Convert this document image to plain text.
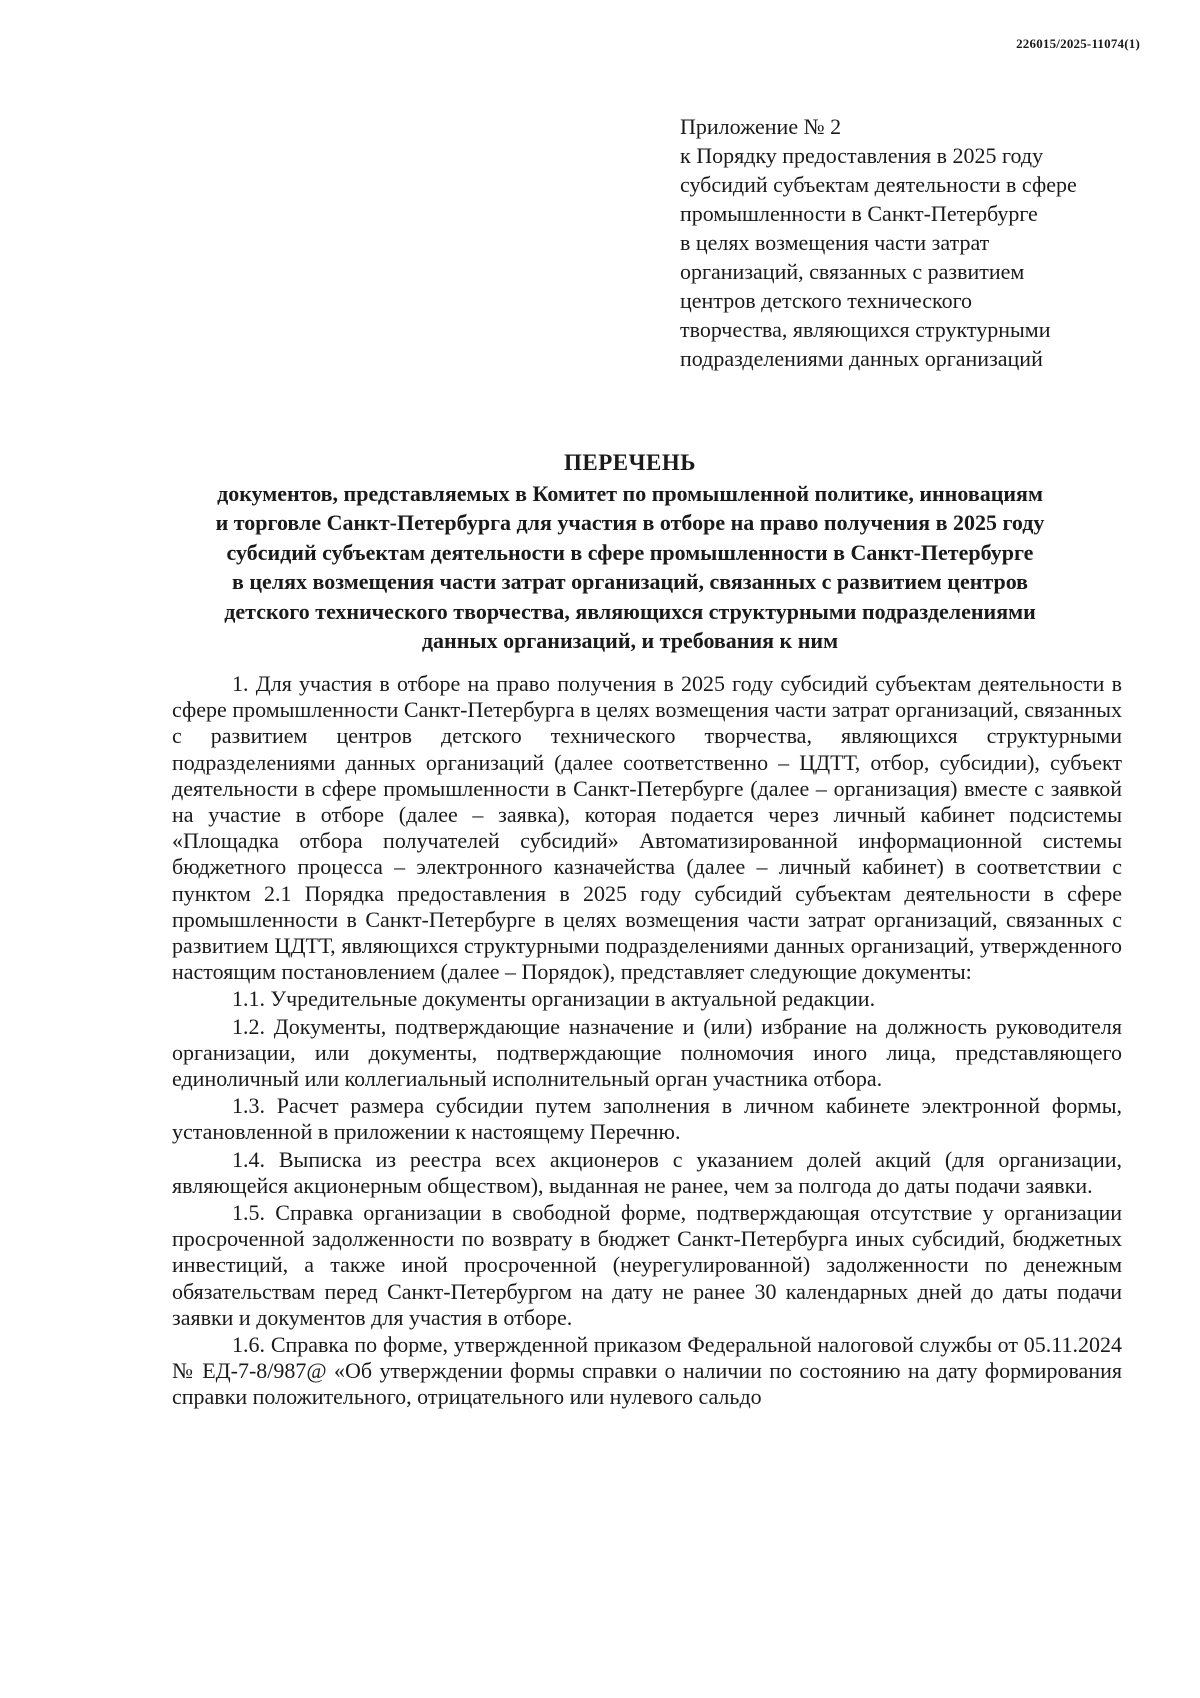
226015/2025-11074(1)
Приложение № 2
к Порядку предоставления в 2025 году
субсидий субъектам деятельности в сфере
промышленности в Санкт-Петербурге
в целях возмещения части затрат
организаций, связанных с развитием
центров детского технического
творчества, являющихся структурными
подразделениями данных организаций
ПЕРЕЧЕНЬ
документов, представляемых в Комитет по промышленной политике, инновациям
и торговле Санкт-Петербурга для участия в отборе на право получения в 2025 году
субсидий субъектам деятельности в сфере промышленности в Санкт-Петербурге
в целях возмещения части затрат организаций, связанных с развитием центров
детского технического творчества, являющихся структурными подразделениями
данных организаций, и требования к ним

1. Для участия в отборе на право получения в 2025 году субсидий субъектам деятельности в сфере промышленности Санкт-Петербурга в целях возмещения части затрат организаций, связанных с развитием центров детского технического творчества, являющихся структурными подразделениями данных организаций (далее соответственно – ЦДТТ, отбор, субсидии), субъект деятельности в сфере промышленности в Санкт-Петербурге (далее – организация) вместе с заявкой на участие в отборе (далее – заявка), которая подается через личный кабинет подсистемы «Площадка отбора получателей субсидий» Автоматизированной информационной системы бюджетного процесса – электронного казначейства (далее – личный кабинет) в соответствии с пунктом 2.1 Порядка предоставления в 2025 году субсидий субъектам деятельности в сфере промышленности в Санкт-Петербурге в целях возмещения части затрат организаций, связанных с развитием ЦДТТ, являющихся структурными подразделениями данных организаций, утвержденного настоящим постановлением (далее – Порядок), представляет следующие документы:

1.1. Учредительные документы организации в актуальной редакции.

1.2. Документы, подтверждающие назначение и (или) избрание на должность руководителя организации, или документы, подтверждающие полномочия иного лица, представляющего единоличный или коллегиальный исполнительный орган участника отбора.

1.3. Расчет размера субсидии путем заполнения в личном кабинете электронной формы, установленной в приложении к настоящему Перечню.

1.4. Выписка из реестра всех акционеров с указанием долей акций (для организации, являющейся акционерным обществом), выданная не ранее, чем за полгода до даты подачи заявки.

1.5. Справка организации в свободной форме, подтверждающая отсутствие у организации просроченной задолженности по возврату в бюджет Санкт-Петербурга иных субсидий, бюджетных инвестиций, а также иной просроченной (неурегулированной) задолженности по денежным обязательствам перед Санкт-Петербургом на дату не ранее 30 календарных дней до даты подачи заявки и документов для участия в отборе.

1.6. Справка по форме, утвержденной приказом Федеральной налоговой службы от 05.11.2024 № ЕД-7-8/987@ «Об утверждении формы справки о наличии по состоянию на дату формирования справки положительного, отрицательного или нулевого сальдо
